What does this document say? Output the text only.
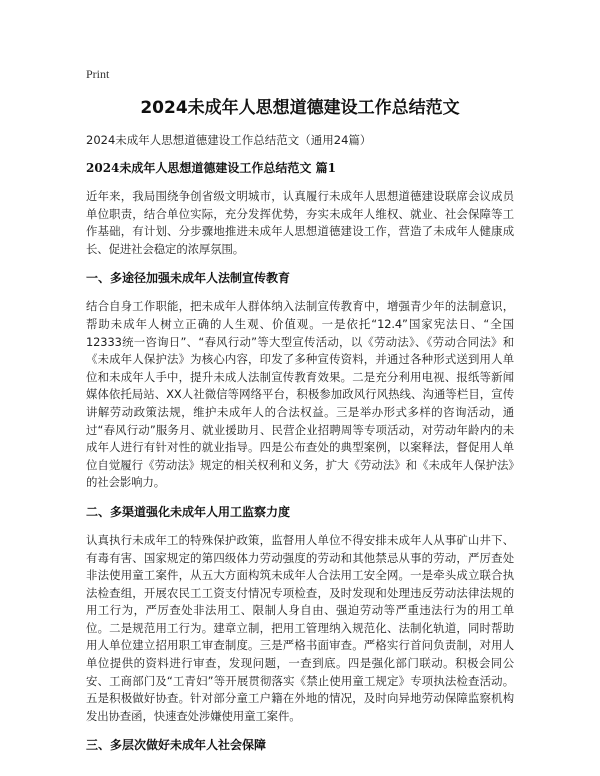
Print
2024未成年人思想道德建设工作总结范文
2024未成年人思想道德建设工作总结范文（通用24篇）
2024未成年人思想道德建设工作总结范文 篇1

近年来，我局围绕争创省级文明城市，认真履行未成年人思想道德建设联席会议成员单位职责，结合单位实际，充分发挥优势，夯实未成年人维权、就业、社会保障等工作基础，有计划、分步骤地推进未成年人思想道德建设工作，营造了未成年人健康成长、促进社会稳定的浓厚氛围。

一、多途径加强未成年人法制宣传教育

结合自身工作职能，把未成年人群体纳入法制宣传教育中，增强青少年的法制意识，帮助未成年人树立正确的人生观、价值观。一是依托“12.4”国家宪法日、“全国12333统一咨询日”、“春风行动”等大型宣传活动，以《劳动法》、《劳动合同法》和《未成年人保护法》为核心内容，印发了多种宣传资料，并通过各种形式送到用人单位和未成年人手中，提升未成人法制宣传教育效果。二是充分利用电视、报纸等新闻媒体依托局站、XX人社微信等网络平台，积极参加政风行风热线、沟通等栏目，宣传讲解劳动政策法规，维护未成年人的合法权益。三是举办形式多样的咨询活动，通过“春风行动”服务月、就业援助月、民营企业招聘周等专项活动，对劳动年龄内的未成年人进行有针对性的就业指导。四是公布查处的典型案例，以案释法，督促用人单位自觉履行《劳动法》规定的相关权利和义务，扩大《劳动法》和《未成年人保护法》的社会影响力。

二、多渠道强化未成年人用工监察力度

认真执行未成年工的特殊保护政策，监督用人单位不得安排未成年人从事矿山井下、有毒有害、国家规定的第四级体力劳动强度的劳动和其他禁忌从事的劳动，严厉查处非法使用童工案件，从五大方面构筑未成年人合法用工安全网。一是牵头成立联合执法检查组，开展农民工工资支付情况专项检查，及时发现和处理违反劳动法律法规的用工行为，严厉查处非法用工、限制人身自由、强迫劳动等严重违法行为的用工单位。二是规范用工行为。建章立制，把用工管理纳入规范化、法制化轨道，同时帮助用人单位建立招用职工审查制度。三是严格书面审查。严格实行首问负责制，对用人单位提供的资料进行审查，发现问题，一查到底。四是强化部门联动。积极会同公安、工商部门及“工青妇”等开展贯彻落实《禁止使用童工规定》专项执法检查活动。五是积极做好协查。针对部分童工户籍在外地的情况，及时向异地劳动保障监察机构发出协查函，快速查处涉嫌使用童工案件。

三、多层次做好未成年人社会保障
